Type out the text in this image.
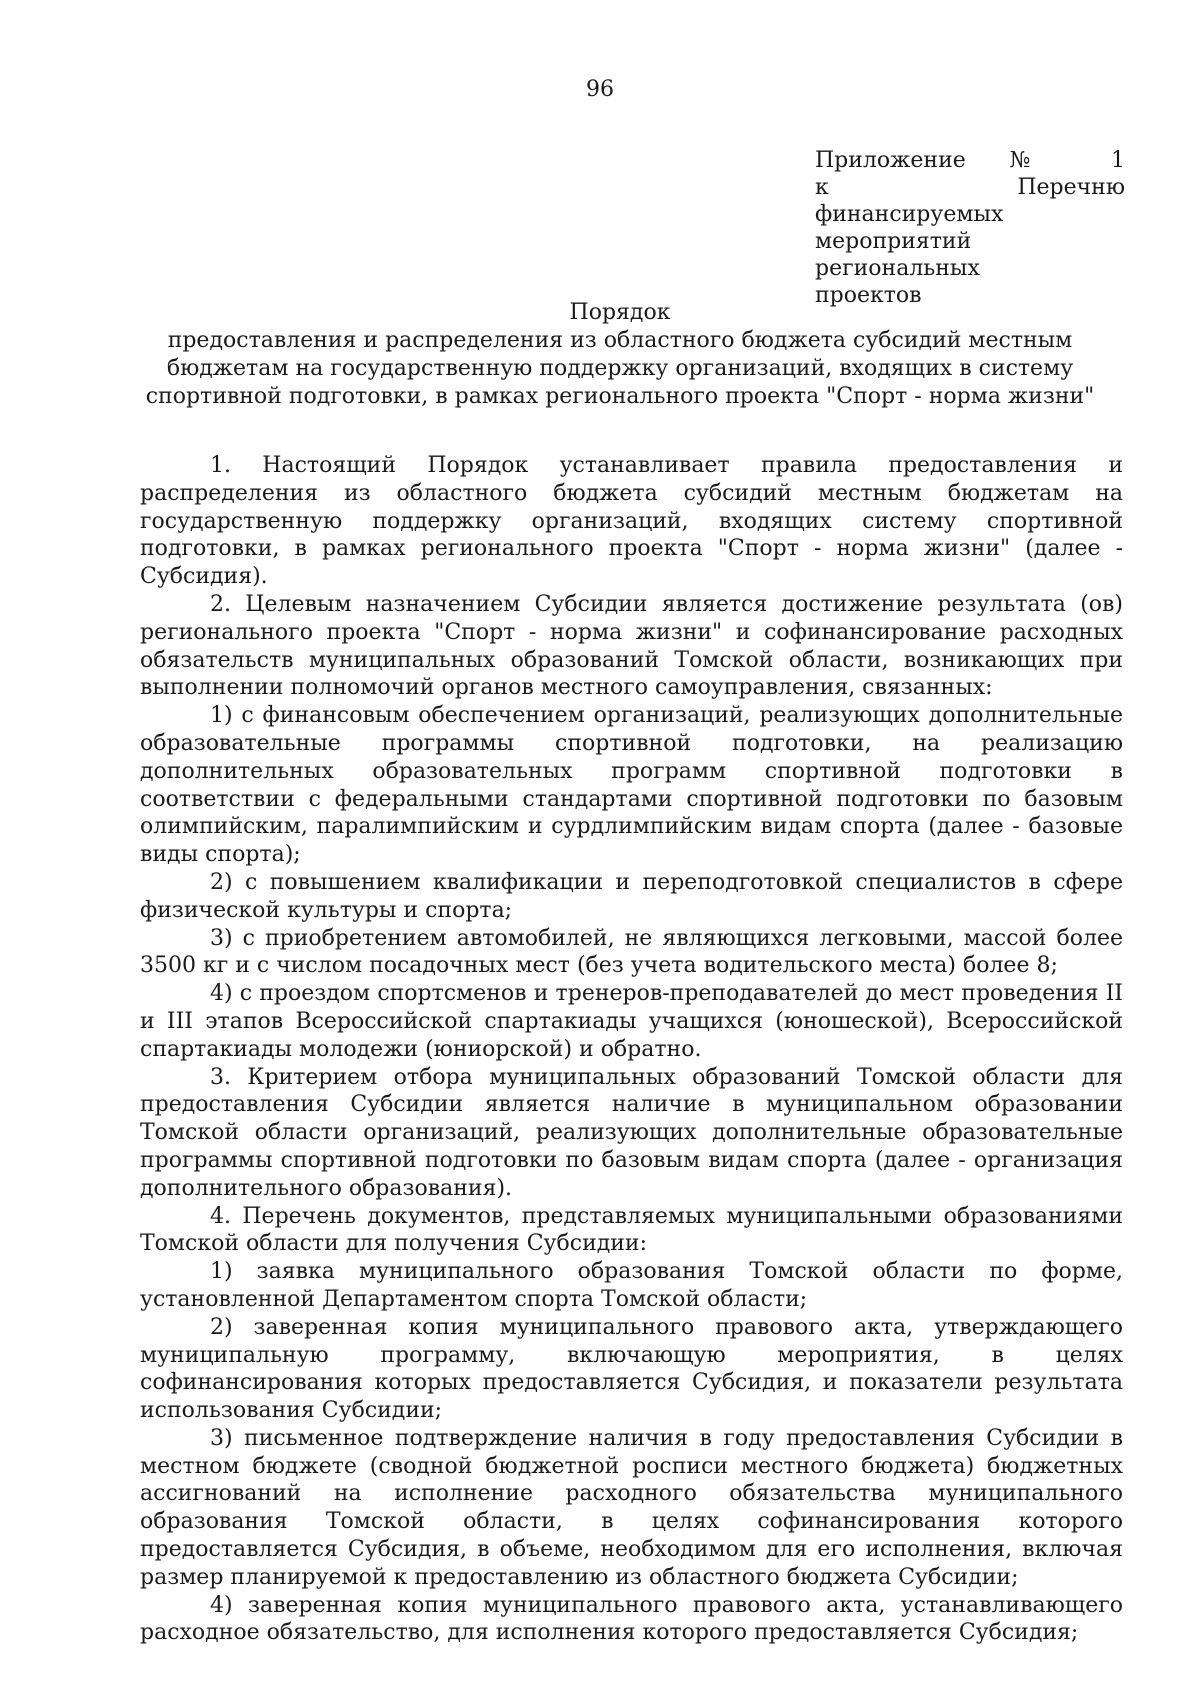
96

Приложение № 1

к Перечню финансируемых

мероприятий региональных

проектов

Порядок

предоставления и распределения из областного бюджета субсидий местным

бюджетам на государственную поддержку организаций, входящих в систему

спортивной подготовки, в рамках регионального проекта "Спорт - норма жизни"

1. Настоящий Порядок устанавливает правила предоставления и распределения из областного бюджета субсидий местным бюджетам на государственную поддержку организаций, входящих систему спортивной подготовки, в рамках регионального проекта "Спорт - норма жизни" (далее - Субсидия).

2. Целевым назначением Субсидии является достижение результата (ов) регионального проекта "Спорт - норма жизни" и софинансирование расходных обязательств муниципальных образований Томской области, возникающих при выполнении полномочий органов местного самоуправления, связанных:

1) с финансовым обеспечением организаций, реализующих дополнительные образовательные программы спортивной подготовки, на реализацию дополнительных образовательных программ спортивной подготовки в соответствии с федеральными стандартами спортивной подготовки по базовым олимпийским, паралимпийским и сурдлимпийским видам спорта (далее - базовые виды спорта);

2) с повышением квалификации и переподготовкой специалистов в сфере физической культуры и спорта;

3) с приобретением автомобилей, не являющихся легковыми, массой более 3500 кг и с числом посадочных мест (без учета водительского места) более 8;

4) с проездом спортсменов и тренеров-преподавателей до мест проведения II и III этапов Всероссийской спартакиады учащихся (юношеской), Всероссийской спартакиады молодежи (юниорской) и обратно.

3. Критерием отбора муниципальных образований Томской области для предоставления Субсидии является наличие в муниципальном образовании Томской области организаций, реализующих дополнительные образовательные программы спортивной подготовки по базовым видам спорта (далее - организация дополнительного образования).

4. Перечень документов, представляемых муниципальными образованиями Томской области для получения Субсидии:

1) заявка муниципального образования Томской области по форме, установленной Департаментом спорта Томской области;

2) заверенная копия муниципального правового акта, утверждающего муниципальную программу, включающую мероприятия, в целях софинансирования которых предоставляется Субсидия, и показатели результата использования Субсидии;

3) письменное подтверждение наличия в году предоставления Субсидии в местном бюджете (сводной бюджетной росписи местного бюджета) бюджетных ассигнований на исполнение расходного обязательства муниципального образования Томской области, в целях софинансирования которого предоставляется Субсидия, в объеме, необходимом для его исполнения, включая размер планируемой к предоставлению из областного бюджета Субсидии;

4) заверенная копия муниципального правового акта, устанавливающего расходное обязательство, для исполнения которого предоставляется Субсидия;
